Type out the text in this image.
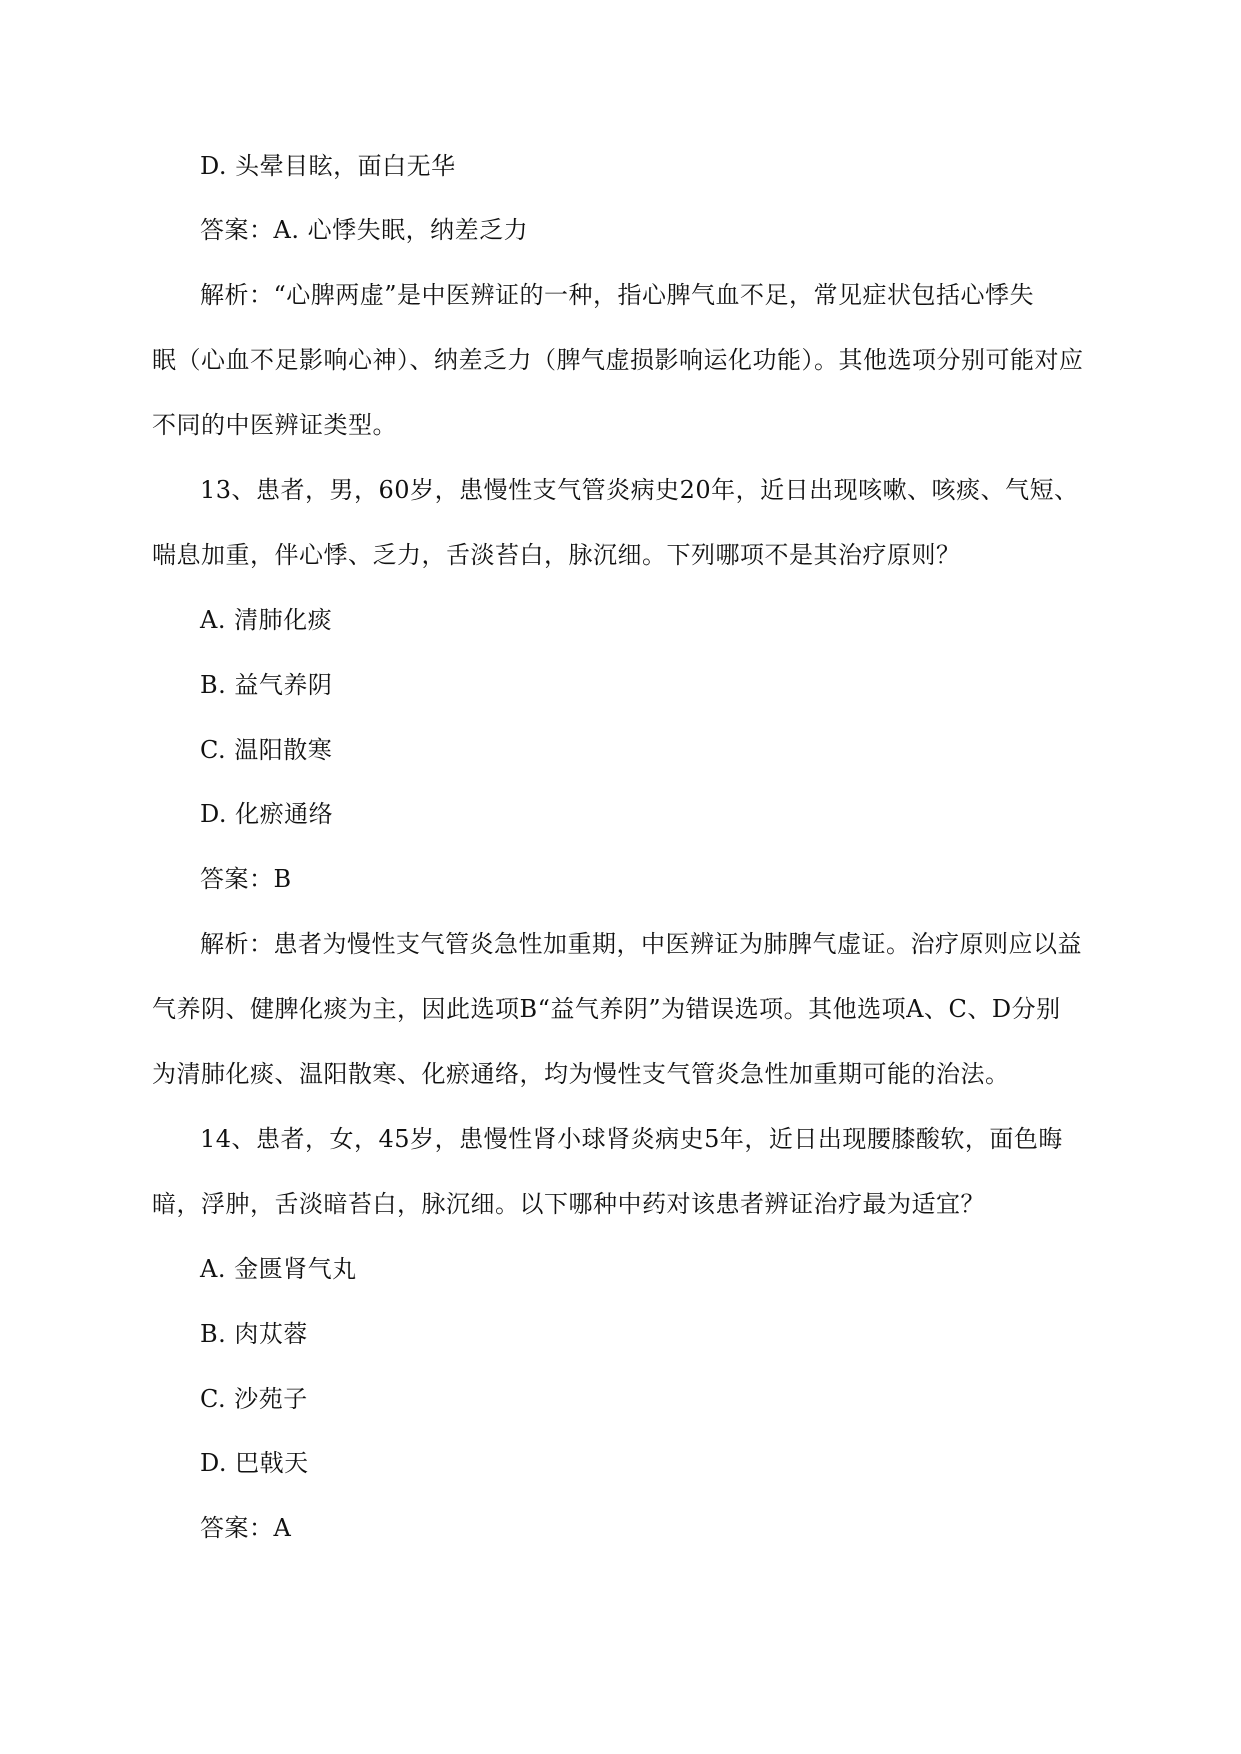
D. 头晕目眩，面白无华
答案：A. 心悸失眠，纳差乏力
解析：“心脾两虚”是中医辨证的一种，指心脾气血不足，常见症状包括心悸失
眠（心血不足影响心神）、纳差乏力（脾气虚损影响运化功能）。其他选项分别可能对应
不同的中医辨证类型。
13、患者，男，60岁，患慢性支气管炎病史20年，近日出现咳嗽、咳痰、气短、
喘息加重，伴心悸、乏力，舌淡苔白，脉沉细。下列哪项不是其治疗原则？
A. 清肺化痰
B. 益气养阴
C. 温阳散寒
D. 化瘀通络
答案：B
解析：患者为慢性支气管炎急性加重期，中医辨证为肺脾气虚证。治疗原则应以益
气养阴、健脾化痰为主，因此选项B“益气养阴”为错误选项。其他选项A、C、D分别
为清肺化痰、温阳散寒、化瘀通络，均为慢性支气管炎急性加重期可能的治法。
14、患者，女，45岁，患慢性肾小球肾炎病史5年，近日出现腰膝酸软，面色晦
暗，浮肿，舌淡暗苔白，脉沉细。以下哪种中药对该患者辨证治疗最为适宜？
A. 金匮肾气丸
B. 肉苁蓉
C. 沙苑子
D. 巴戟天
答案：A
